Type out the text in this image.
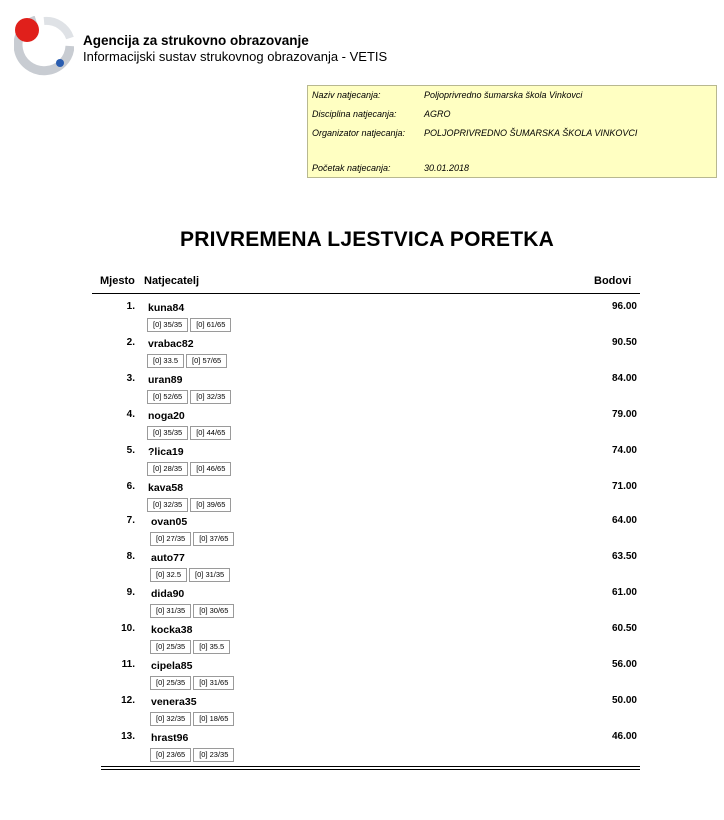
Agencija za strukovno obrazovanje
Informacijski sustav strukovnog obrazovanja - VETIS
Naziv natjecanja:	Poljoprivredno šumarska škola Vinkovci
Disciplina natjecanja:	AGRO
Organizator natjecanja: POLJOPRIVREDNO ŠUMARSKA ŠKOLA VINKOVCI
Početak natjecanja:	30.01.2018
PRIVREMENA LJESTVICA PORETKA
Mjesto Natjecatelj	Bodovi
1. kuna84	96.00
[0] 35/35	[0] 61/65
2. vrabac82	90.50
[0] 33.5	[0] 57/65
3. uran89	84.00
[0] 52/65	[0] 32/35
4. noga20	79.00
[0] 35/35	[0] 44/65
5. ?lica19	74.00
[0] 28/35	[0] 46/65
6. kava58	71.00
[0] 32/35	[0] 39/65
7. ovan05	64.00
[0] 27/35	[0] 37/65
8. auto77	63.50
[0] 32.5	[0] 31/35
9. dida90	61.00
[0] 31/35	[0] 30/65
10. kocka38	60.50
[0] 25/35	[0] 35.5
11. cipela85	56.00
[0] 25/35	[0] 31/65
12. venera35	50.00
[0] 32/35	[0] 18/65
13. hrast96	46.00
[0] 23/65	[0] 23/35
